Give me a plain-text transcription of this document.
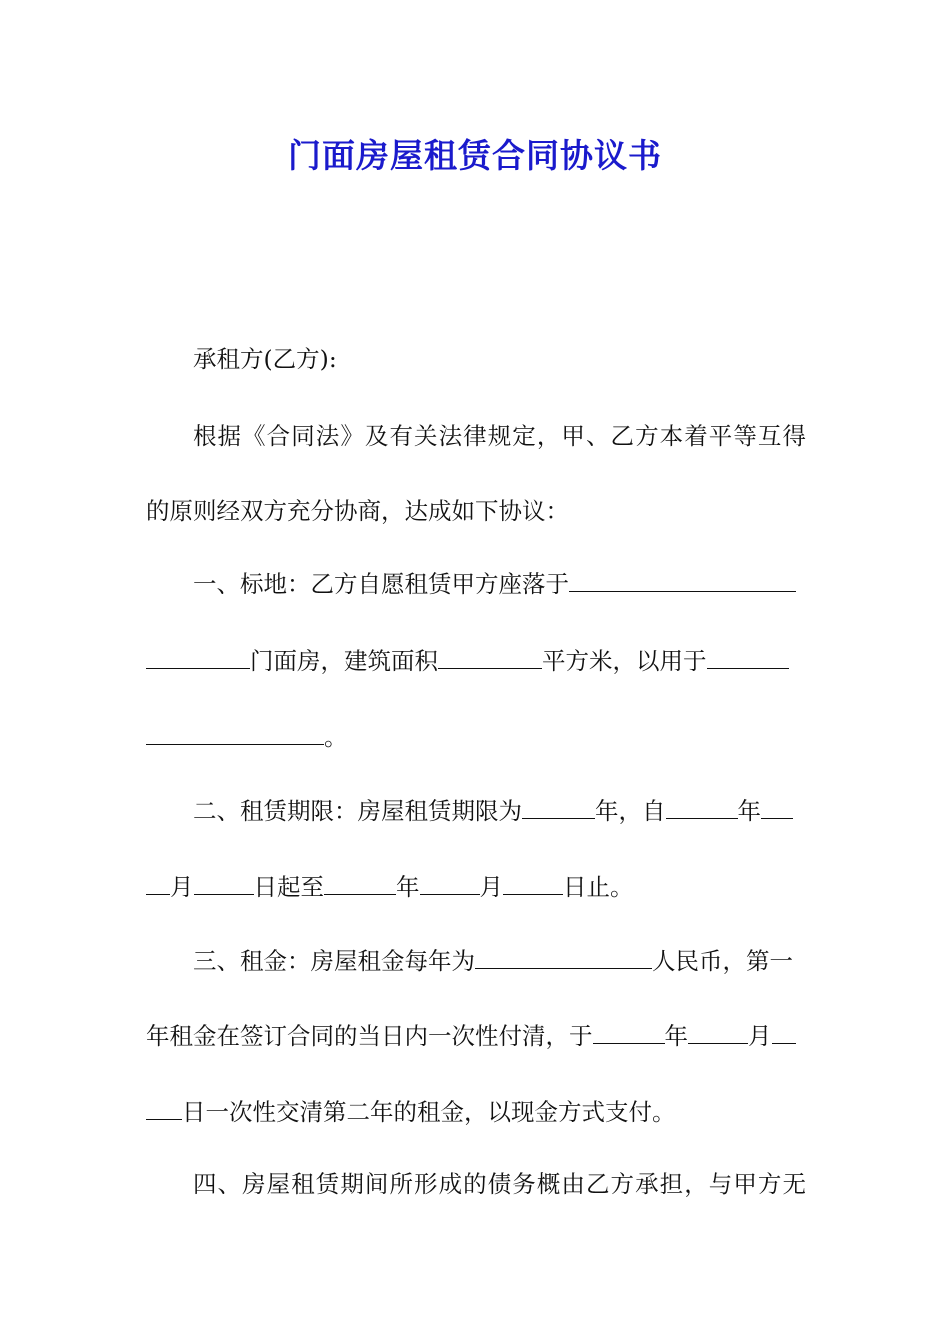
门面房屋租赁合同协议书

承租方(乙方):

根据《合同法》及有关法律规定，甲、乙方本着平等互得

的原则经双方充分协商，达成如下协议：

一、标地：乙方自愿租赁甲方座落于

门面房，建筑面积	平方米，以用于

。

二、租赁期限：房屋租赁期限为	年，自	年

月	日起至	年	月	日止。

三、租金：房屋租金每年为	人民币，第一

年租金在签订合同的当日内一次性付清，于	年	月

日一次性交清第二年的租金，以现金方式支付。

四、房屋租赁期间所形成的债务概由乙方承担，与甲方无
